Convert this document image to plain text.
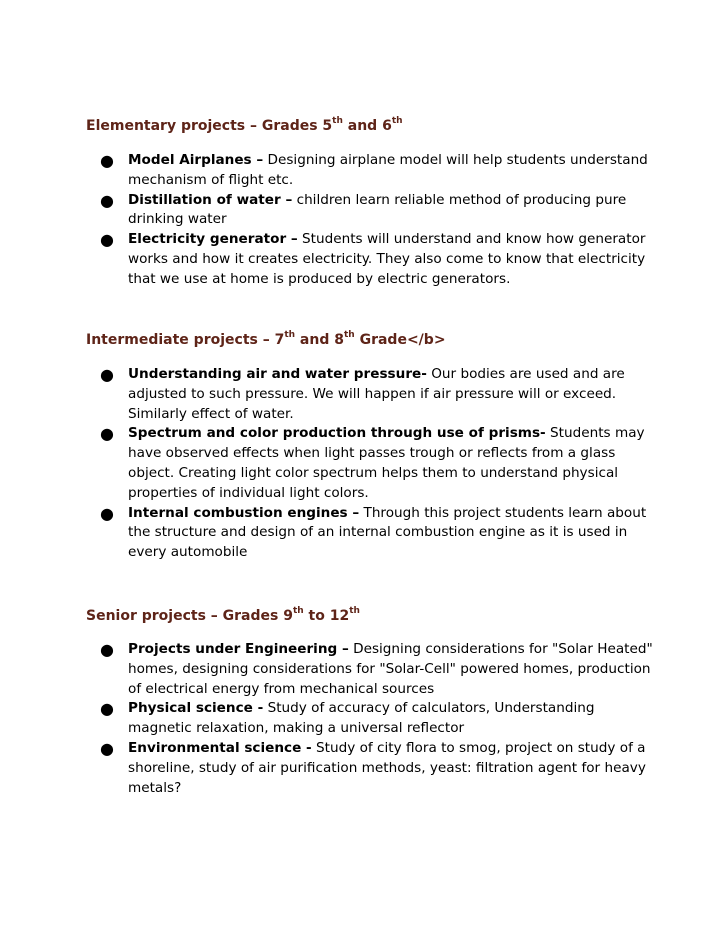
Elementary projects – Grades 5th and 6th
● Model Airplanes – Designing airplane model will help students understand mechanism of flight etc.
● Distillation of water – children learn reliable method of producing pure drinking water
● Electricity generator – Students will understand and know how generator works and how it creates electricity. They also come to know that electricity that we use at home is produced by electric generators.
Intermediate projects – 7th and 8th Grade</b>
● Understanding air and water pressure- Our bodies are used and are adjusted to such pressure. We will happen if air pressure will or exceed. Similarly effect of water.
● Spectrum and color production through use of prisms- Students may have observed effects when light passes trough or reflects from a glass object. Creating light color spectrum helps them to understand physical properties of individual light colors.
● Internal combustion engines – Through this project students learn about the structure and design of an internal combustion engine as it is used in every automobile
Senior projects – Grades 9th to 12th
● Projects under Engineering – Designing considerations for "Solar Heated" homes, designing considerations for "Solar-Cell" powered homes, production of electrical energy from mechanical sources
● Physical science - Study of accuracy of calculators, Understanding magnetic relaxation, making a universal reflector
● Environmental science - Study of city flora to smog, project on study of a shoreline, study of air purification methods, yeast: filtration agent for heavy metals?
